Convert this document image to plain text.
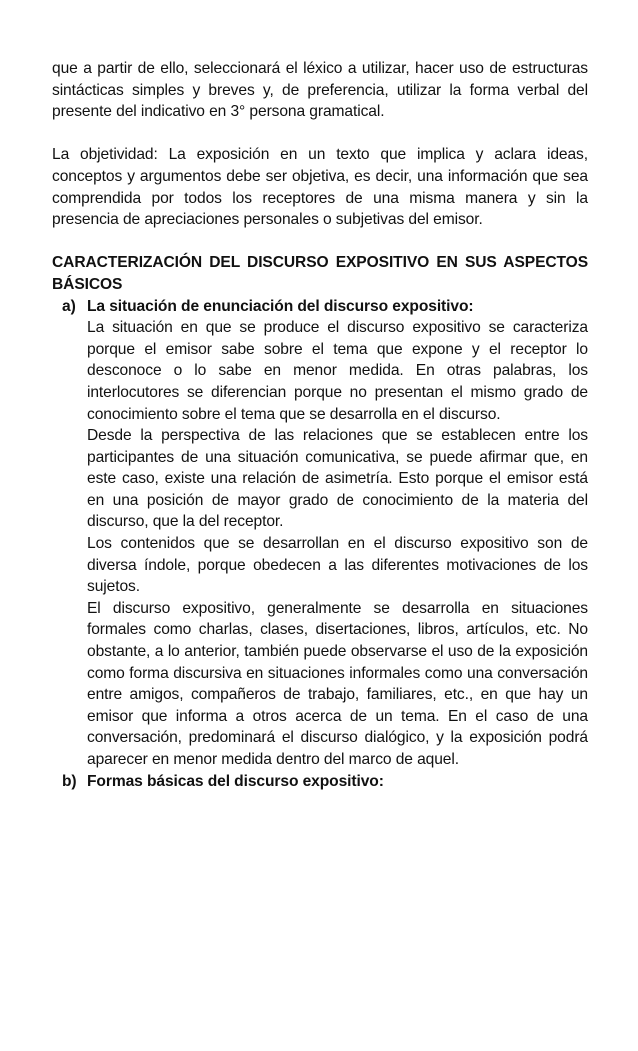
que a partir de ello, seleccionará el léxico a utilizar, hacer uso de estructuras sintácticas simples y breves y, de preferencia, utilizar la forma verbal del presente del indicativo en 3° persona gramatical.

La objetividad: La exposición en un texto que implica y aclara ideas, conceptos y argumentos debe ser objetiva, es decir, una información que sea comprendida por todos los receptores de una misma manera y sin la presencia de apreciaciones personales o subjetivas del emisor.

CARACTERIZACIÓN DEL DISCURSO EXPOSITIVO EN SUS ASPECTOS BÁSICOS

a) La situación de enunciación del discurso expositivo:

La situación en que se produce el discurso expositivo se caracteriza porque el emisor sabe sobre el tema que expone y el receptor lo desconoce o lo sabe en menor medida. En otras palabras, los interlocutores se diferencian porque no presentan el mismo grado de conocimiento sobre el tema que se desarrolla en el discurso.

Desde la perspectiva de las relaciones que se establecen entre los participantes de una situación comunicativa, se puede afirmar que, en este caso, existe una relación de asimetría. Esto porque el emisor está en una posición de mayor grado de conocimiento de la materia del discurso, que la del receptor.

Los contenidos que se desarrollan en el discurso expositivo son de diversa índole, porque obedecen a las diferentes motivaciones de los sujetos.

El discurso expositivo, generalmente se desarrolla en situaciones formales como charlas, clases, disertaciones, libros, artículos, etc. No obstante, a lo anterior, también puede observarse el uso de la exposición como forma discursiva en situaciones informales como una conversación entre amigos, compañeros de trabajo, familiares, etc., en que hay un emisor que informa a otros acerca de un tema. En el caso de una conversación, predominará el discurso dialógico, y la exposición podrá aparecer en menor medida dentro del marco de aquel.

b) Formas básicas del discurso expositivo:
